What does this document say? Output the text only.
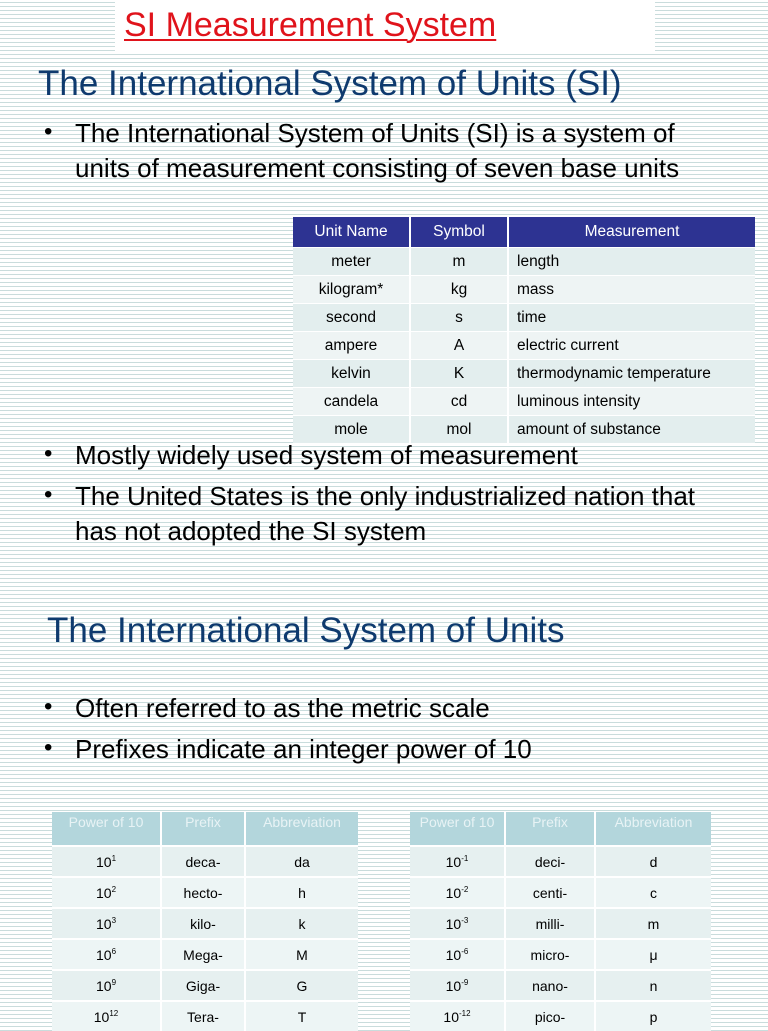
SI Measurement System
The International System of Units (SI)
• The International System of Units (SI) is a system of units of measurement consisting of seven base units
Unit Name	Symbol	Measurement
meter	m	length
kilogram*	kg	mass
second	s	time
ampere	A	electric current
kelvin	K	thermodynamic temperature
candela	cd	luminous intensity
mole	mol	amount of substance
• Mostly widely used system of measurement
• The United States is the only industrialized nation that has not adopted the SI system
The International System of Units
• Often referred to as the metric scale
• Prefixes indicate an integer power of 10
Power of 10	Prefix	Abbreviation
$10^1$	deca-	da
$10^2$	hecto-	h
$10^3$	kilo-	k
$10^6$	Mega-	M
$10^9$	Giga-	G
$10^{12}$	Tera-	T
Power of 10	Prefix	Abbreviation
$10^{-1}$	deci-	d
$10^{-2}$	centi-	c
$10^{-3}$	milli-	m
$10^{-6}$	micro-	μ
$10^{-9}$	nano-	n
$10^{-12}$	pico-	p
